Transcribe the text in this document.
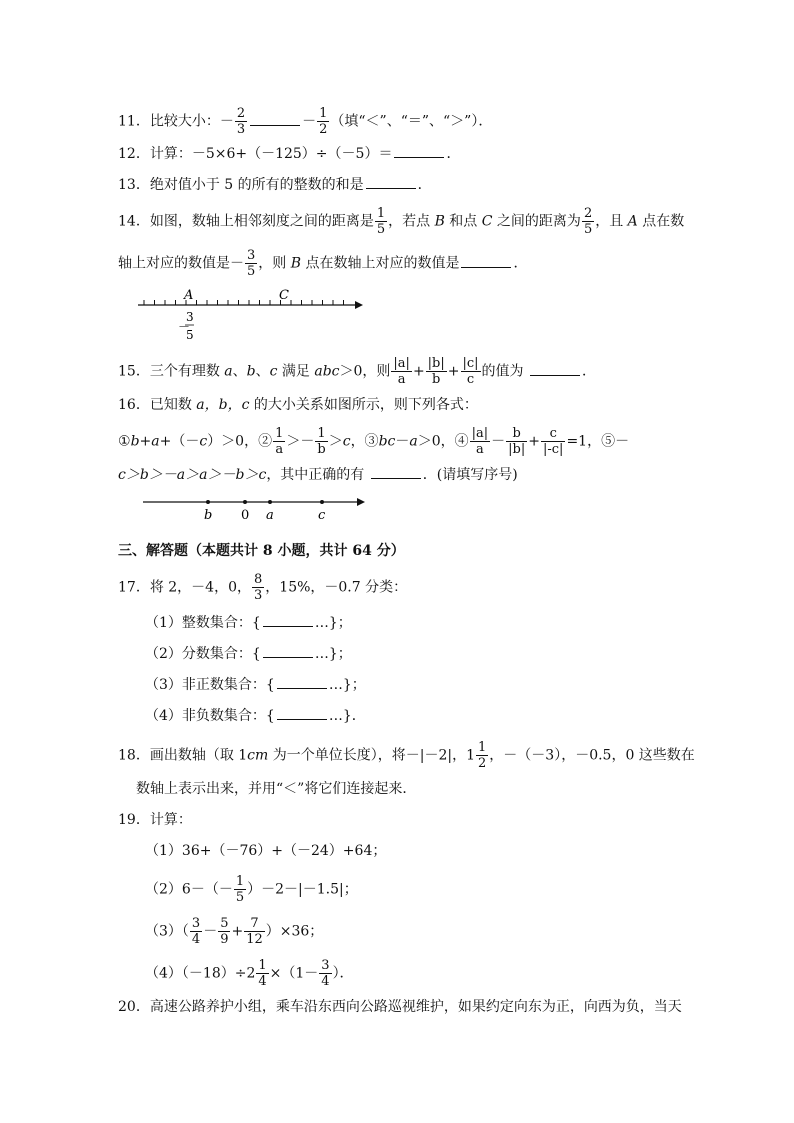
11．比较大小：－ $\frac{2}{3}$	－ $\frac{1}{2}$ （填“＜”、“＝”、“＞”）．
12．计算：－5×6+（－125）÷（－5）＝	．
13．绝对值小于 5 的所有的整数的和是	．
14．如图，数轴上相邻刻度之间的距离是 $\frac{1}{5}$ ，若点 B 和点 C 之间的距离为 $\frac{2}{5}$ ，且 A 点在数
轴上对应的数值是－ $\frac{3}{5}$ ，则 B 点在数轴上对应的数值是	．
A	C
－
3
5
15．三个有理数 a、b、c 满足 abc＞0，则 $\frac{|a|}{a} + \frac{|b|}{b} + \frac{|c|}{c}$ 的值为	．
16．已知数 a，b，c 的大小关系如图所示，则下列各式：
①b+a+（－c）＞0，② $\frac{1}{a} >- \frac{1}{b} >c$，③bc－a＞0，④ $\frac{|a|}{a} - \frac{b}{|b|} + \frac{c}{|-c|} =1$，⑤－
c＞b＞－a＞a＞－b＞c，其中正确的有	．(请填写序号)
b 0 a	c
三、解答题（本题共计 8 小题，共计 64 分）
17．将 2，－4，0， $\frac{8}{3}$ ，15%，－0.7 分类：
（1）整数集合：{	…}；
（2）分数集合：{	…}；
（3）非正数集合：{	…}；
（4）非负数集合：{	…}．
18．画出数轴（取 1cm 为一个单位长度），将－|－2|，$1 \frac{1}{2}$ ，－（－3），－0.5，0 这些数在
数轴上表示出来，并用“＜”将它们连接起来．
19．计算：
（1）36+（－76）+（－24）+64；
$(2)6-(- \frac{1}{5} )-2-|-1.5|$；
$(3)( \frac{3}{4} - \frac{5}{9} + \frac{7}{12} )\times 36$；
$(4)(-18)\div 2 \frac{1}{4} \times(1- \frac{3}{4}$ ）．
20．高速公路养护小组，乘车沿东西向公路巡视维护，如果约定向东为正，向西为负，当天
